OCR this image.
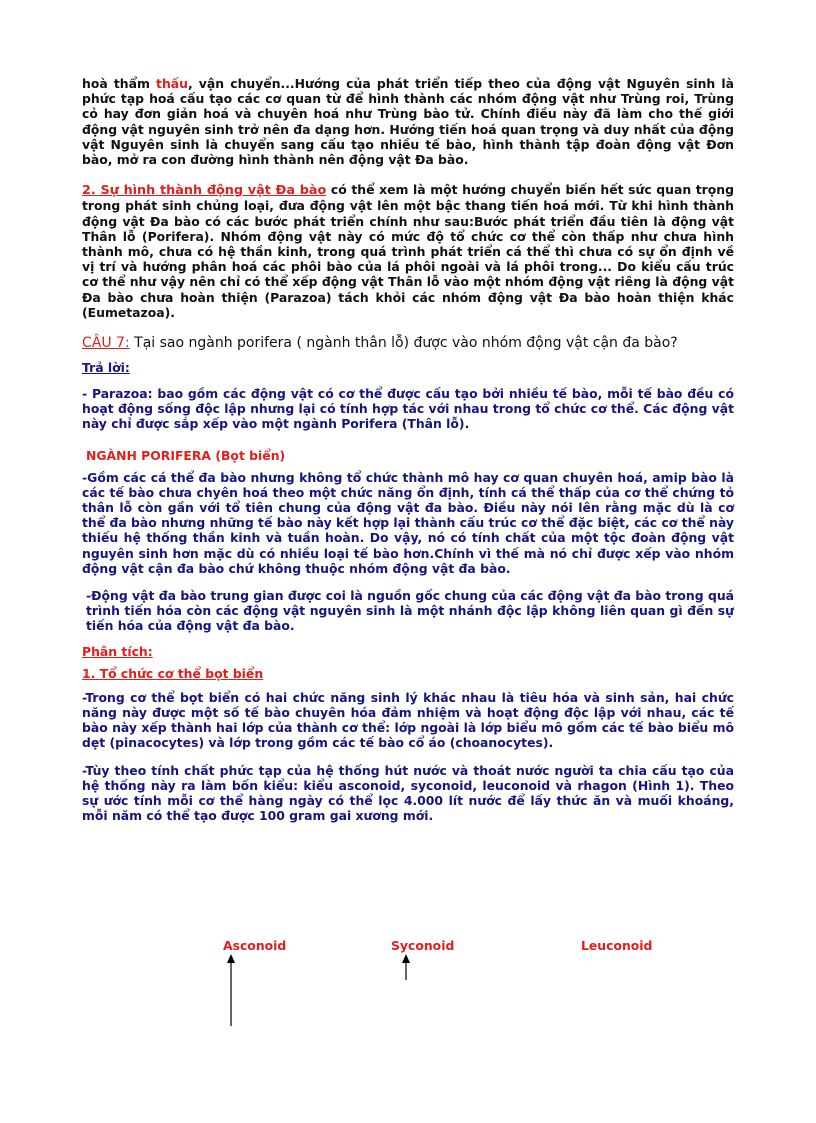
hoà thẩm thấu, vận chuyển...Hướng của phát triển tiếp theo của động vật Nguyên sinh là phức tạp hoá cấu tạo các cơ quan từ để hình thành các nhóm động vật như Trùng roi, Trùng cỏ hay đơn giản hoá và chuyên hoá như Trùng bào tử. Chính điều này đã làm cho thế giới động vật nguyên sinh trở nên đa dạng hơn. Hướng tiến hoá quan trọng và duy nhất của động vật Nguyên sinh là chuyển sang cấu tạo nhiều tế bào, hình thành tập đoàn động vật Đơn bào, mở ra con đường hình thành nên động vật Đa bào.

2. Sự hình thành động vật Đa bào có thể xem là một hướng chuyển biến hết sức quan trọng trong phát sinh chủng loại, đưa động vật lên một bậc thang tiến hoá mới. Từ khi hình thành động vật Đa bào có các bước phát triển chính như sau:Bước phát triển đầu tiên là động vật Thân lỗ (Porifera). Nhóm động vật này có mức độ tổ chức cơ thể còn thấp như chưa hình thành mô, chưa có hệ thần kinh, trong quá trình phát triển cá thể thì chưa có sự ổn định về vị trí và hướng phân hoá các phôi bào của lá phôi ngoài và lá phôi trong... Do kiểu cấu trúc cơ thể như vậy nên chỉ có thể xếp động vật Thân lỗ vào một nhóm động vật riêng là động vật Đa bào chưa hoàn thiện (Parazoa) tách khỏi các nhóm động vật Đa bào hoàn thiện khác (Eumetazoa).

CÂU 7: Tại sao ngành porifera ( ngành thân lỗ) được vào nhóm động vật cận đa bào?

Trả lời:

- Parazoa: bao gồm các động vật có cơ thể được cấu tạo bởi nhiều tế bào, mỗi tế bào đều có hoạt động sống độc lập nhưng lại có tính hợp tác với nhau trong tổ chức cơ thể. Các động vật này chỉ được sắp xếp vào một ngành Porifera (Thân lỗ).

NGÀNH PORIFERA (Bọt biển)

-Gồm các cá thể đa bào nhưng không tổ chức thành mô hay cơ quan chuyên hoá, amip bào là các tế bào chưa chyên hoá theo một chức năng ổn định, tính cá thể thấp của cơ thể chứng tỏ thân lỗ còn gần với tổ tiên chung của động vật đa bào. Điều này nói lên rằng mặc dù là cơ thể đa bào nhưng những tế bào này kết hợp lại thành cấu trúc cơ thể đặc biệt, các cơ thể này thiếu hệ thống thần kinh và tuần hoàn. Do vậy, nó có tính chất của một tộc đoàn động vật nguyên sinh hơn mặc dù có nhiều loại tế bào hơn.Chính vì thế mà nó chỉ được xếp vào nhóm động vật cận đa bào chứ không thuộc nhóm động vật đa bào.

-Động vật đa bào trung gian được coi là nguồn gốc chung của các động vật đa bào trong quá trình tiến hóa còn các động vật nguyên sinh là một nhánh độc lập không liên quan gì đến sự tiến hóa của động vật đa bào.

Phân tích:

1. Tổ chức cơ thể bọt biển

-Trong cơ thể bọt biển có hai chức năng sinh lý khác nhau là tiêu hóa và sinh sản, hai chức năng này được một số tế bào chuyên hóa đảm nhiệm và hoạt động độc lập với nhau, các tế bào này xếp thành hai lớp của thành cơ thể: lớp ngoài là lớp biểu mô gồm các tế bào biểu mô dẹt (pinacocytes) và lớp trong gồm các tế bào cổ áo (choanocytes).

-Tùy theo tính chất phức tạp của hệ thống hút nước và thoát nước người ta chia cấu tạo của hệ thống này ra làm bốn kiểu: kiểu asconoid, syconoid, leuconoid và rhagon (Hình 1). Theo sự ước tính mỗi cơ thể hàng ngày có thể lọc 4.000 lít nước để lấy thức ăn và muối khoáng, mỗi năm có thể tạo được 100 gram gai xương mới.

Asconoid	Syconoid	Leuconoid
